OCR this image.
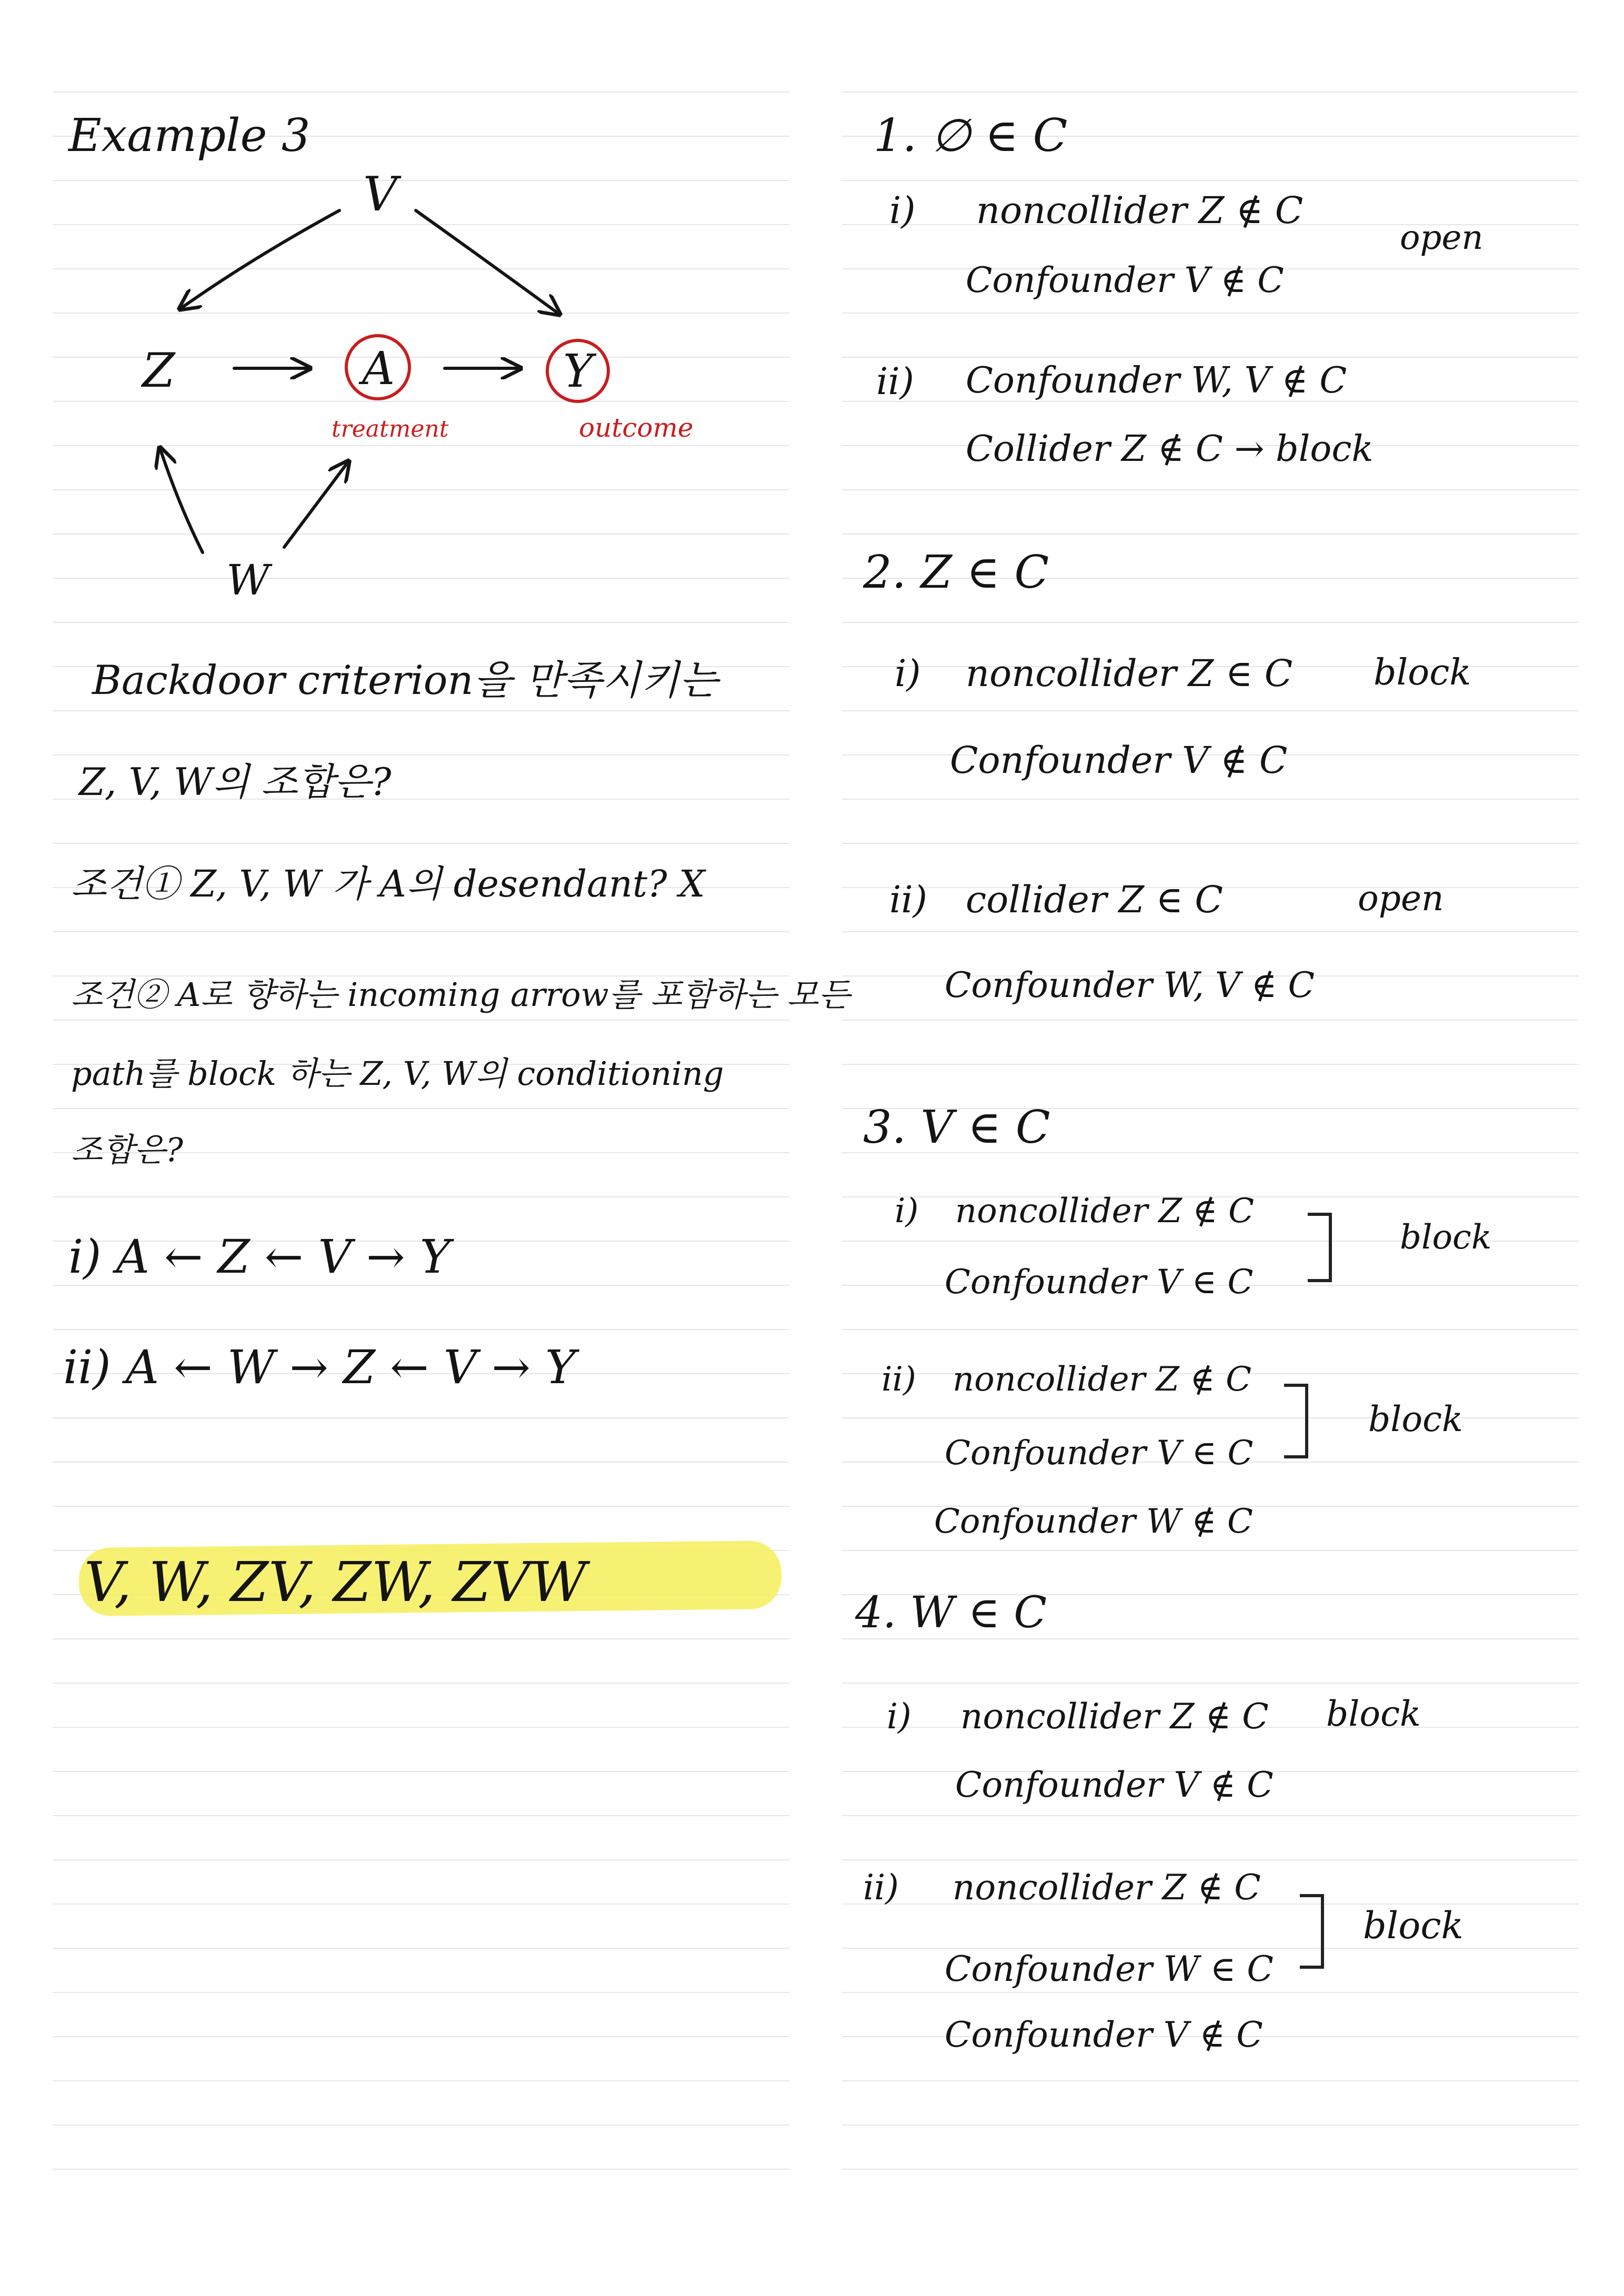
Example 3
V
Z	A	Y
W
treatment	outcome
Backdoor criterion을 만족시키는
Z, V, W의 조합은?
조건① Z, V, W 가 A의 desendant? X
조건② A로 향하는 incoming arrow를 포함하는 모든
path를 block 하는 Z, V, W의 conditioning
조합은?
i) A ← Z ← V → Y
ii) A ← W → Z ← V → Y
V, W, ZV, ZW, ZVW
1. ∅ ∈ C
i) noncollider Z ∉ C
Confounder V ∉ C
open
ii) Confounder W, V ∉ C
Collider Z ∉ C → block
2. Z ∈ C
i) noncollider Z ∈ C block
Confounder V ∉ C
ii) collider Z ∈ C	open
Confounder W, V ∉ C
3. V ∈ C
i) noncollider Z ∉ C
Confounder V ∈ C
block
ii) noncollider Z ∉ C
Confounder V ∈ C
Confounder W ∉ C
block
4. W ∈ C
i) noncollider Z ∉ C block
Confounder V ∉ C
ii) noncollider Z ∉ C
Confounder W ∈ C
Confounder V ∉ C
block
